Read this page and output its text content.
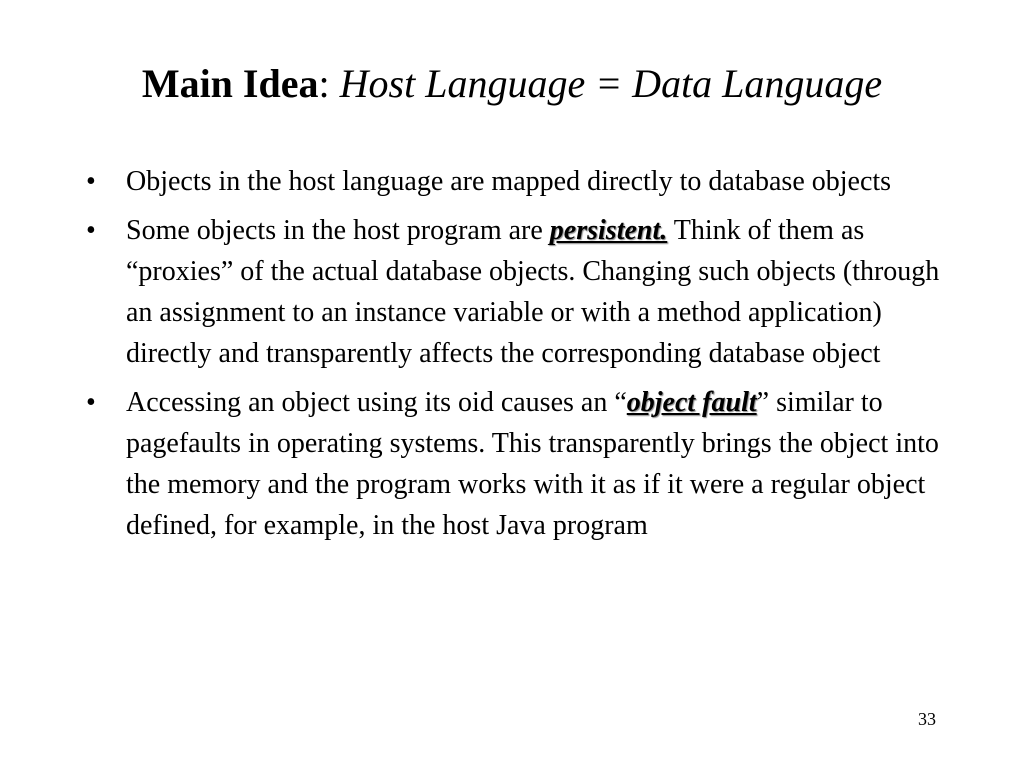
Main Idea: Host Language = Data Language
•	Objects in the host language are mapped directly to database objects
•	Some objects in the host program are persistent. Think of them as “proxies” of the actual database objects. Changing such objects (through an assignment to an instance variable or with a method application) directly and transparently affects the corresponding database object
•	Accessing an object using its oid causes an “object fault” similar to pagefaults in operating systems. This transparently brings the object into the memory and the program works with it as if it were a regular object defined, for example, in the host Java program
33
